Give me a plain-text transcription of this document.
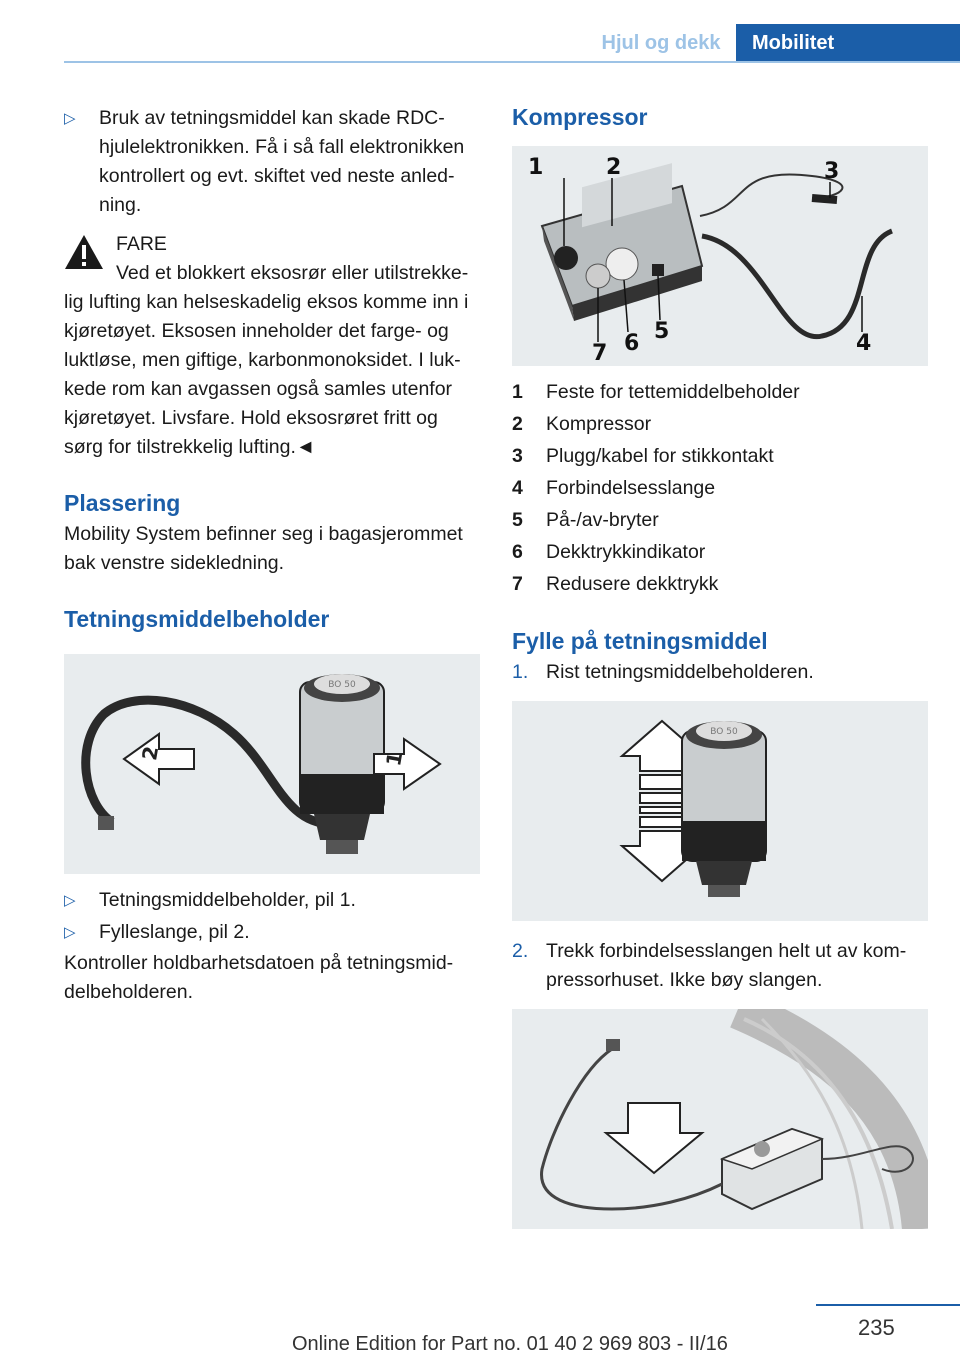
Hjul og dekk	Mobilitet
▷ Bruk av tetningsmiddel kan skade RDC-hjulelektronikken. Få i så fall elektronikken kontrollert og evt. skiftet ved neste anled-ning.

FARE

Ved et blokkert eksosrør eller utilstrekke-

lig lufting kan helseskadelig eksos komme inn i kjøretøyet. Eksosen inneholder det farge- og luktløse, men giftige, karbonmonoksidet. I luk-kede rom kan avgassen også samles utenfor kjøretøyet. Livsfare. Hold eksosrøret fritt og sørg for tilstrekkelig lufting.◄

Plassering

Mobility System befinner seg i bagasjerommet bak venstre sidekledning.

Tetningsmiddelbeholder
BO 50
2	1
▷ Tetningsmiddelbeholder, pil 1.

▷ Fylleslange, pil 2.

Kontroller holdbarhetsdatoen på tetningsmid-delbeholderen.

Kompressor
1	2	3
4
5
6
7
1	Feste for tettemiddelbeholder
2	Kompressor
3	Plugg/kabel for stikkontakt
4	Forbindelsesslange
5	På-/av-bryter
6	Dekktrykkindikator
7	Redusere dekktrykk
Fylle på tetningsmiddel
1. Rist tetningsmiddelbeholderen.

BO 50
2. Trekk forbindelsesslangen helt ut av kom-pressorhuset. Ikke bøy slangen.

235
Online Edition for Part no. 01 40 2 969 803 - II/16
